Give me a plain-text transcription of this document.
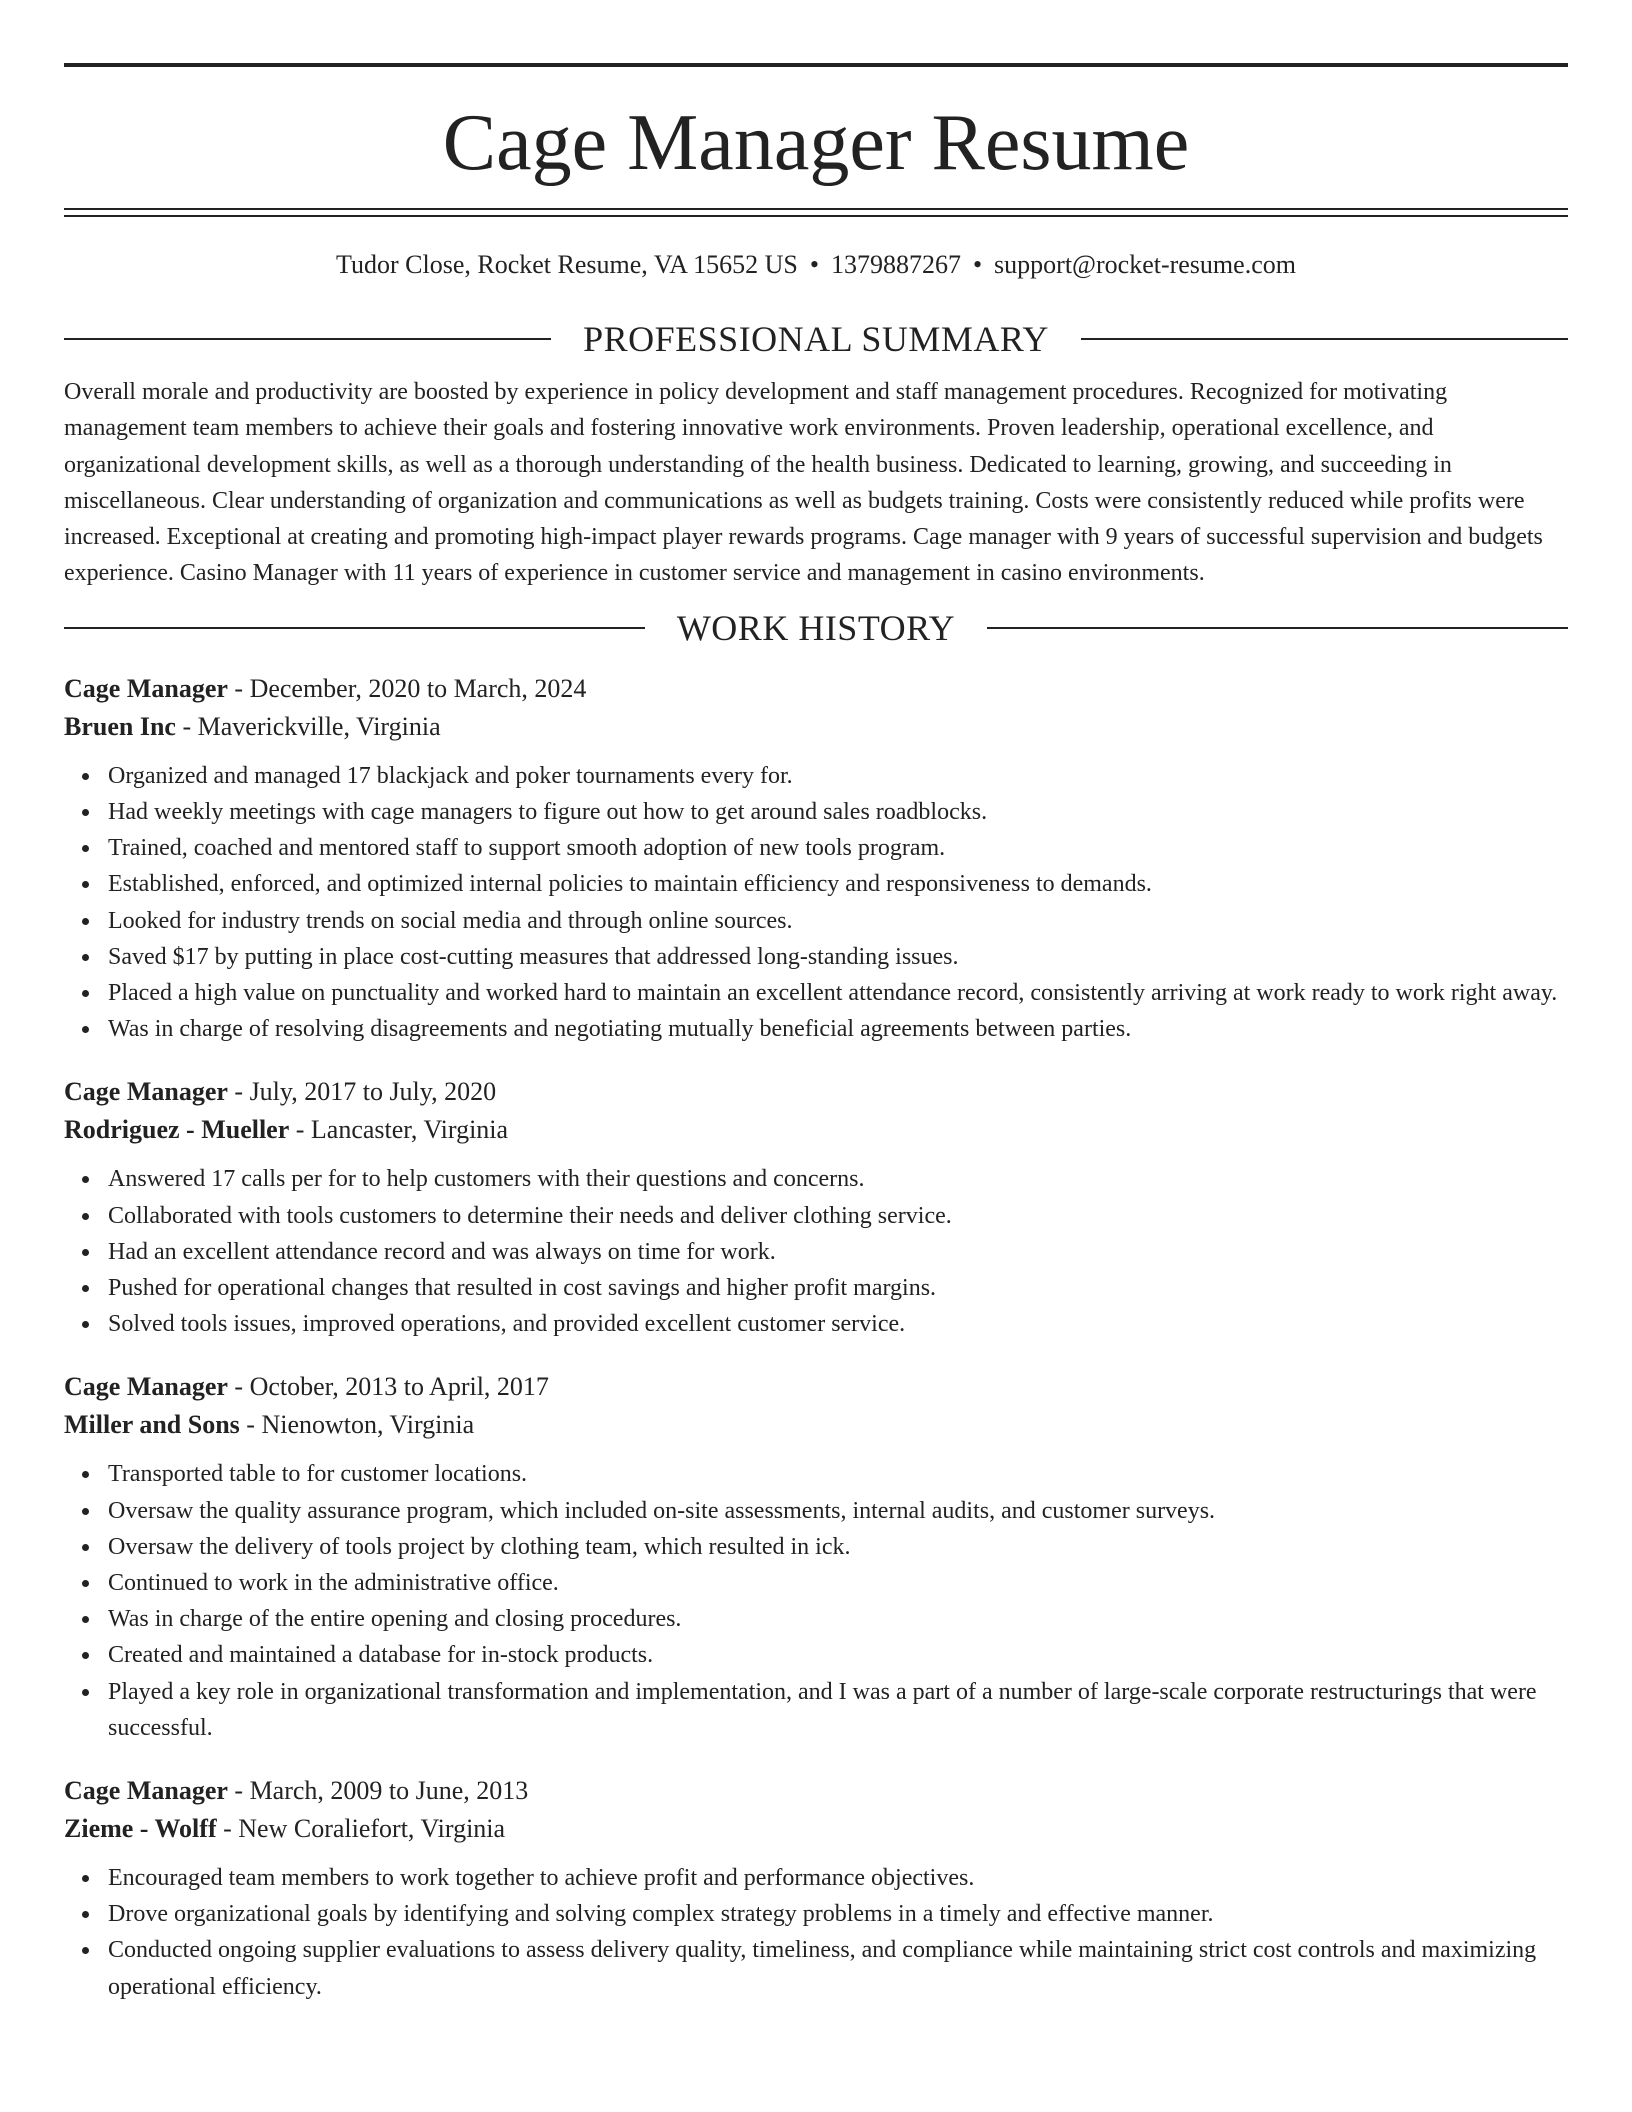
Cage Manager Resume
Tudor Close, Rocket Resume, VA 15652 US • 1379887267 • support@rocket-resume.com
PROFESSIONAL SUMMARY

Overall morale and productivity are boosted by experience in policy development and staff management procedures. Recognized for motivating management team members to achieve their goals and fostering innovative work environments. Proven leadership, operational excellence, and organizational development skills, as well as a thorough understanding of the health business. Dedicated to learning, growing, and succeeding in miscellaneous. Clear understanding of organization and communications as well as budgets training. Costs were consistently reduced while profits were increased. Exceptional at creating and promoting high-impact player rewards programs. Cage manager with 9 years of successful supervision and budgets experience. Casino Manager with 11 years of experience in customer service and management in casino environments.

WORK HISTORY
Cage Manager - December, 2020 to March, 2024
Bruen Inc - Maverickville, Virginia
Organized and managed 17 blackjack and poker tournaments every for.
Had weekly meetings with cage managers to figure out how to get around sales roadblocks.
Trained, coached and mentored staff to support smooth adoption of new tools program.
Established, enforced, and optimized internal policies to maintain efficiency and responsiveness to demands.
Looked for industry trends on social media and through online sources.
Saved $17 by putting in place cost-cutting measures that addressed long-standing issues.
Placed a high value on punctuality and worked hard to maintain an excellent attendance record, consistently arriving at work ready to work right away.
Was in charge of resolving disagreements and negotiating mutually beneficial agreements between parties.
Cage Manager - July, 2017 to July, 2020
Rodriguez - Mueller - Lancaster, Virginia
Answered 17 calls per for to help customers with their questions and concerns.
Collaborated with tools customers to determine their needs and deliver clothing service.
Had an excellent attendance record and was always on time for work.
Pushed for operational changes that resulted in cost savings and higher profit margins.
Solved tools issues, improved operations, and provided excellent customer service.
Cage Manager - October, 2013 to April, 2017
Miller and Sons - Nienowton, Virginia
Transported table to for customer locations.
Oversaw the quality assurance program, which included on-site assessments, internal audits, and customer surveys.
Oversaw the delivery of tools project by clothing team, which resulted in ick.
Continued to work in the administrative office.
Was in charge of the entire opening and closing procedures.
Created and maintained a database for in-stock products.
Played a key role in organizational transformation and implementation, and I was a part of a number of large-scale corporate restructurings that were successful.
Cage Manager - March, 2009 to June, 2013
Zieme - Wolff - New Coraliefort, Virginia
Encouraged team members to work together to achieve profit and performance objectives.
Drove organizational goals by identifying and solving complex strategy problems in a timely and effective manner.
Conducted ongoing supplier evaluations to assess delivery quality, timeliness, and compliance while maintaining strict cost controls and maximizing operational efficiency.
